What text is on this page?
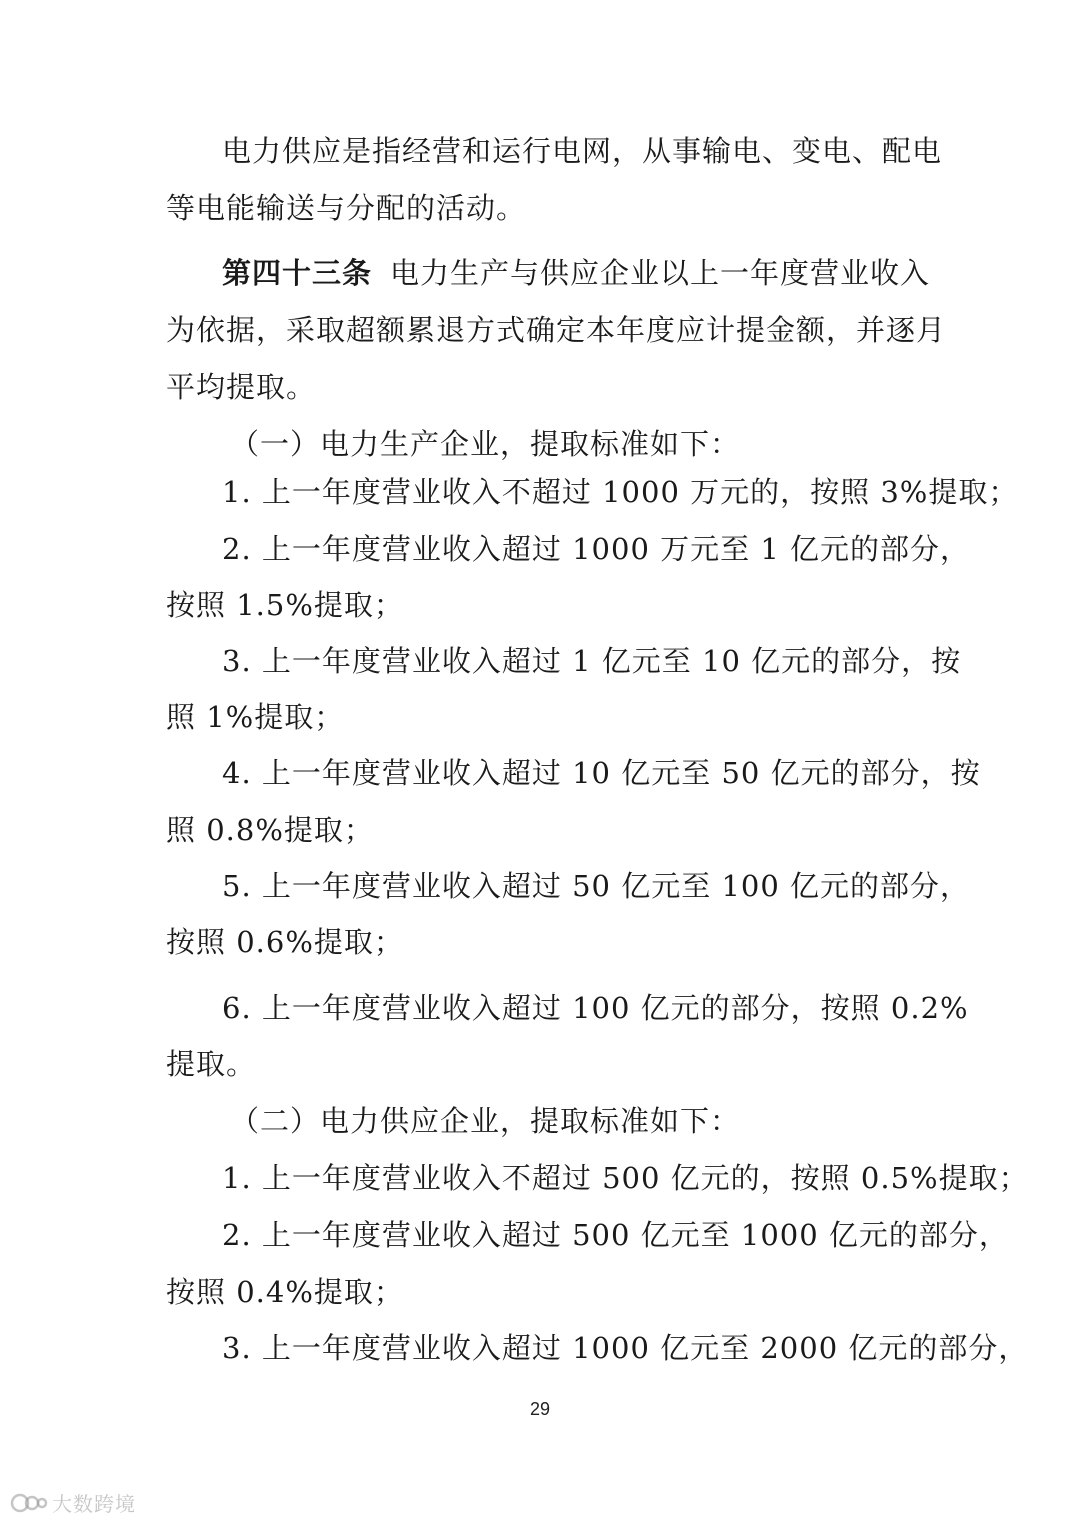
电力供应是指经营和运行电网，从事输电、变电、配电
等电能输送与分配的活动。
第四十三条 电力生产与供应企业以上一年度营业收入
为依据，采取超额累退方式确定本年度应计提金额，并逐月
平均提取。
（一）电力生产企业，提取标准如下：
1. 上一年度营业收入不超过 1000 万元的，按照 3%提取；
2. 上一年度营业收入超过 1000 万元至 1 亿元的部分，
按照 1.5%提取；
3. 上一年度营业收入超过 1 亿元至 10 亿元的部分，按
照 1%提取；
4. 上一年度营业收入超过 10 亿元至 50 亿元的部分，按
照 0.8%提取；
5. 上一年度营业收入超过 50 亿元至 100 亿元的部分，
按照 0.6%提取；
6. 上一年度营业收入超过 100 亿元的部分，按照 0.2%
提取。
（二）电力供应企业，提取标准如下：
1. 上一年度营业收入不超过 500 亿元的，按照 0.5%提取；
2. 上一年度营业收入超过 500 亿元至 1000 亿元的部分，
按照 0.4%提取；
3. 上一年度营业收入超过 1000 亿元至 2000 亿元的部分，
29
大数跨境
